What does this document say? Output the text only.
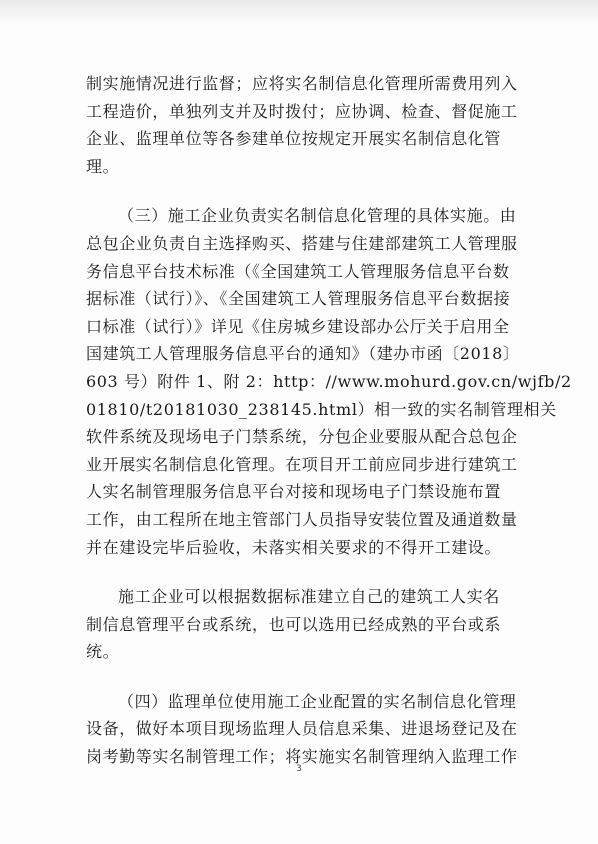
制实施情况进行监督；应将实名制信息化管理所需费用列入
工程造价，单独列支并及时拨付；应协调、检查、督促施工
企业、监理单位等各参建单位按规定开展实名制信息化管
理。

（三）施工企业负责实名制信息化管理的具体实施。由
总包企业负责自主选择购买、搭建与住建部建筑工人管理服
务信息平台技术标准（《全国建筑工人管理服务信息平台数
据标准（试行）》、《全国建筑工人管理服务信息平台数据接
口标准（试行）》详见《住房城乡建设部办公厅关于启用全
国建筑工人管理服务信息平台的通知》（建办市函〔2018〕
603 号）附件 1、附 2：http：//www.mohurd.gov.cn/wjfb/2
01810/t20181030_238145.html）相一致的实名制管理相关
软件系统及现场电子门禁系统，分包企业要服从配合总包企
业开展实名制信息化管理。在项目开工前应同步进行建筑工
人实名制管理服务信息平台对接和现场电子门禁设施布置
工作，由工程所在地主管部门人员指导安装位置及通道数量
并在建设完毕后验收，未落实相关要求的不得开工建设。

施工企业可以根据数据标准建立自己的建筑工人实名
制信息管理平台或系统，也可以选用已经成熟的平台或系
统。

（四）监理单位使用施工企业配置的实名制信息化管理
设备，做好本项目现场监理人员信息采集、进退场登记及在
岗考勤等实名制管理工作；将实施实名制管理纳入监理工作

3
